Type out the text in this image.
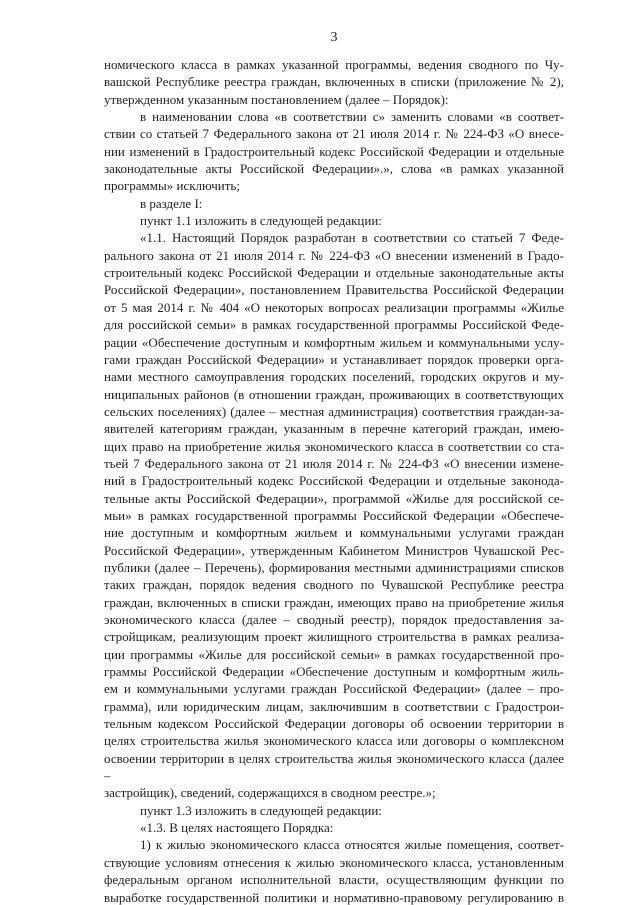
3
номического класса в рамках указанной программы, ведения сводного по Чу-
вашской Республике реестра граждан, включенных в списки (приложение № 2),
утвержденном указанным постановлением (далее – Порядок):
в наименовании слова «в соответствии с» заменить словами «в соответ-
ствии со статьей 7 Федерального закона от 21 июля 2014 г. № 224-ФЗ «О внесе-
нии изменений в Градостроительный кодекс Российской Федерации и отдельные
законодательные акты Российской Федерации».», слова «в рамках указанной
программы» исключить;
в разделе I:
пункт 1.1 изложить в следующей редакции:
«1.1. Настоящий Порядок разработан в соответствии со статьей 7 Феде-
рального закона от 21 июля 2014 г. № 224-ФЗ «О внесении изменений в Градо-
строительный кодекс Российской Федерации и отдельные законодательные акты
Российской Федерации», постановлением Правительства Российской Федерации
от 5 мая 2014 г. № 404 «О некоторых вопросах реализации программы «Жилье
для российской семьи» в рамках государственной программы Российской Феде-
рации «Обеспечение доступным и комфортным жильем и коммунальными услу-
гами граждан Российской Федерации» и устанавливает порядок проверки орга-
нами местного самоуправления городских поселений, городских округов и му-
ниципальных районов (в отношении граждан, проживающих в соответствующих
сельских поселениях) (далее – местная администрация) соответствия граждан-за-
явителей категориям граждан, указанным в перечне категорий граждан, имею-
щих право на приобретение жилья экономического класса в соответствии со ста-
тьей 7 Федерального закона от 21 июля 2014 г. № 224-ФЗ «О внесении измене-
ний в Градостроительный кодекс Российской Федерации и отдельные законода-
тельные акты Российской Федерации», программой «Жилье для российской се-
мьи» в рамках государственной программы Российской Федерации «Обеспече-
ние доступным и комфортным жильем и коммунальными услугами граждан
Российской Федерации», утвержденным Кабинетом Министров Чувашской Рес-
публики (далее – Перечень), формирования местными администрациями списков
таких граждан, порядок ведения сводного по Чувашской Республике реестра
граждан, включенных в списки граждан, имеющих право на приобретение жилья
экономического класса (далее – сводный реестр), порядок предоставления за-
стройщикам, реализующим проект жилищного строительства в рамках реализа-
ции программы «Жилье для российской семьи» в рамках государственной про-
граммы Российской Федерации «Обеспечение доступным и комфортным жиль-
ем и коммунальными услугами граждан Российской Федерации» (далее – про-
грамма), или юридическим лицам, заключившим в соответствии с Градострои-
тельным кодексом Российской Федерации договоры об освоении территории в
целях строительства жилья экономического класса или договоры о комплексном
освоении территории в целях строительства жилья экономического класса (далее –
застройщик), сведений, содержащихся в сводном реестре.»;
пункт 1.3 изложить в следующей редакции:
«1.3. В целях настоящего Порядка:
1) к жилью экономического класса относятся жилые помещения, соответ-
ствующие условиям отнесения к жилью экономического класса, установленным
федеральным органом исполнительной власти, осуществляющим функции по
выработке государственной политики и нормативно-правовому регулированию в
